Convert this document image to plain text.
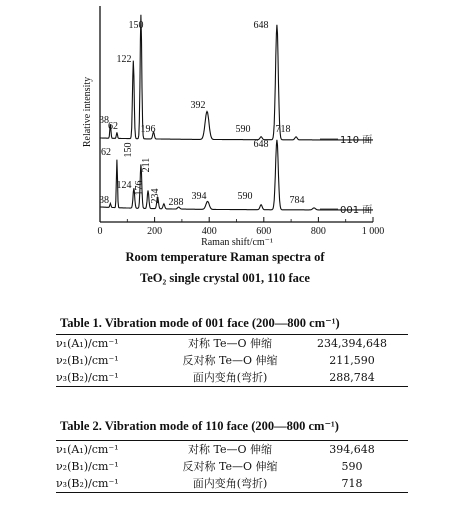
0	200	400	600	800	1 000
Raman shift/cm⁻¹
Relative intensity	110 面
38
62
122
150
196
392
590
648
718
001 面
38
62
124
150
176
211
234 288
394	590
648
784
Room temperature Raman spectra of
TeO₂ single crystal 001, 110 face
Table 1. Vibration mode of 001 face (200—800 cm⁻¹)
ν₁(A₁)/cm⁻¹	对称 Te—O 伸缩	234,394,648
ν₂(B₁)/cm⁻¹	反对称 Te—O 伸缩	211,590
ν₃(B₂)/cm⁻¹	面内变角(弯折)	288,784
Table 2. Vibration mode of 110 face (200—800 cm⁻¹)
ν₁(A₁)/cm⁻¹	对称 Te—O 伸缩	394,648
ν₂(B₁)/cm⁻¹	反对称 Te—O 伸缩	590
ν₃(B₂)/cm⁻¹	面内变角(弯折)	718
